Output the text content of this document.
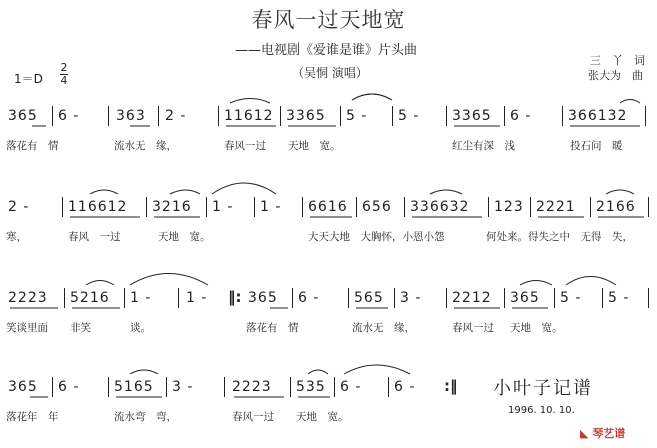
春风一过天地宽
——电视剧《爱谁是谁》片头曲
（吴恫 演唱）
三　丫　词
张大为　曲
1＝D
2
4
365 6 -	363 2 -	11612 3365 5 - 5 - 3365 6 -	366132
落花有　情	流水无　缘，	春风一过 天地　宽。	红尘有深　浅	投石问　暖
2 -	116612 3216 1 - 1 - 6616 656 336632 123 2221 2166
寒，	春风　一过	天地　宽。	大天大地　大胸怀，小恩小怨	何处来。得失之中　无得　失，
2223 5216 1 - 1 - ‖: 365 6 - 565 3 - 2212 365 5 - 5 -
笑谈里面 非笑	谈。	落花有　情	流水无　缘，	春风一过 天地　宽。
365 6 - 5165 3 -	2223 535 6 - 6 - :‖
落花年　年	流水弯　弯，	春风一过 天地　宽。
小叶子记谱
1996. 10. 10.
◣ 琴艺谱
